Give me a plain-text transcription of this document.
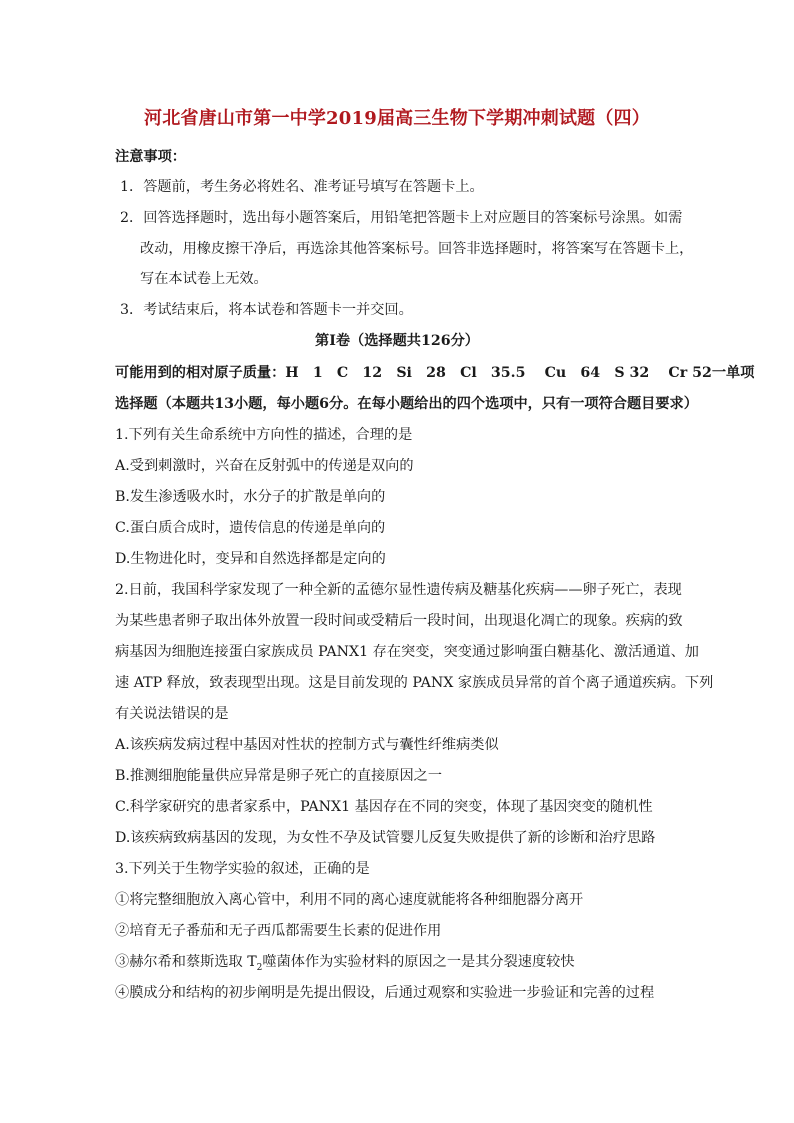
河北省唐山市第一中学2019届高三生物下学期冲刺试题（四）
注意事项：
1．答题前，考生务必将姓名、准考证号填写在答题卡上。
2．回答选择题时，选出每小题答案后，用铅笔把答题卡上对应题目的答案标号涂黑。如需
改动，用橡皮擦干净后，再选涂其他答案标号。回答非选择题时，将答案写在答题卡上，
写在本试卷上无效。
3．考试结束后，将本试卷和答题卡一并交回。
第Ⅰ卷（选择题共126分）
可能用到的相对原子质量：H　1　C　12　Si　28　Cl　35.5　 Cu　64　S 32　 Cr 52一单项
选择题（本题共13小题，每小题6分。在每小题给出的四个选项中，只有一项符合题目要求）
1.下列有关生命系统中方向性的描述，合理的是
A.受到刺激时，兴奋在反射弧中的传递是双向的
B.发生渗透吸水时，水分子的扩散是单向的
C.蛋白质合成时，遗传信息的传递是单向的
D.生物进化时，变异和自然选择都是定向的
2.日前，我国科学家发现了一种全新的孟德尔显性遗传病及糖基化疾病——卵子死亡，表现
为某些患者卵子取出体外放置一段时间或受精后一段时间，出现退化凋亡的现象。疾病的致
病基因为细胞连接蛋白家族成员 PANX1 存在突变，突变通过影响蛋白糖基化、激活通道、加
速 ATP 释放，致表现型出现。这是目前发现的 PANX 家族成员异常的首个离子通道疾病。下列
有关说法错误的是
A.该疾病发病过程中基因对性状的控制方式与囊性纤维病类似
B.推测细胞能量供应异常是卵子死亡的直接原因之一
C.科学家研究的患者家系中，PANX1 基因存在不同的突变，体现了基因突变的随机性
D.该疾病致病基因的发现，为女性不孕及试管婴儿反复失败提供了新的诊断和治疗思路
3.下列关于生物学实验的叙述，正确的是
①将完整细胞放入离心管中，利用不同的离心速度就能将各种细胞器分离开
②培育无子番茄和无子西瓜都需要生长素的促进作用
③赫尔希和蔡斯选取 $T_2$噬菌体作为实验材料的原因之一是其分裂速度较快
④膜成分和结构的初步阐明是先提出假设，后通过观察和实验进一步验证和完善的过程
